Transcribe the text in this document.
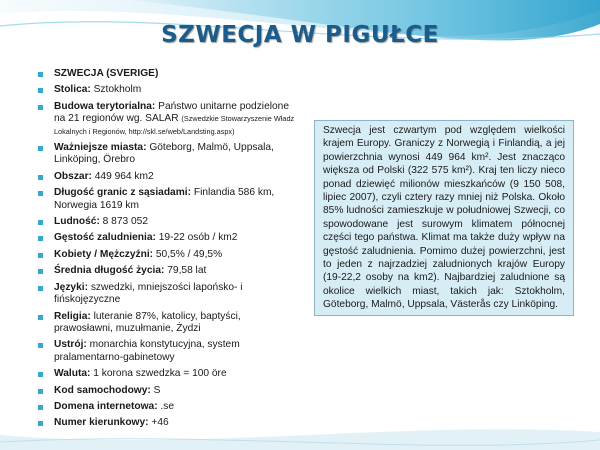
SZWECJA W PIGUŁCE
SZWECJA (SVERIGE)
Stolica: Sztokholm
Budowa terytorialna: Państwo unitarne podzielone na 21 regionów wg. SALAR (Szwedzkie Stowarzyszenie Władz Lokalnych i Regionów, http://skl.se/web/Landsting.aspx)
Ważniejsze miasta: Göteborg, Malmö, Uppsala, Linköping, Örebro
Obszar: 449 964 km2
Długość granic z sąsiadami: Finlandia 586 km, Norwegia 1619 km
Ludność: 8 873 052
Gęstość zaludnienia: 19-22 osób / km2
Kobiety / Mężczyźni: 50,5% / 49,5%
Średnia długość życia: 79,58 lat
Języki: szwedzki, mniejszości lapońsko- i fińskojęzyczne
Religia: luteranie 87%, katolicy, baptyści, prawosławni, muzułmanie, Żydzi
Ustrój: monarchia konstytucyjna, system pralamentarno-gabinetowy
Waluta: 1 korona szwedzka = 100 öre
Kod samochodowy: S
Domena internetowa: .se
Numer kierunkowy: +46
Szwecja jest czwartym pod względem wielkości krajem Europy. Graniczy z Norwegią i Finlandią, a jej powierzchnia wynosi 449 964 km². Jest znacząco większa od Polski (322 575 km²). Kraj ten liczy nieco ponad dziewięć milionów mieszkańców (9 150 508, lipiec 2007), czyli cztery razy mniej niż Polska. Około 85% ludności zamieszkuje w południowej Szwecji, co spowodowane jest surowym klimatem północnej części tego państwa. Klimat ma także duży wpływ na gęstość zaludnienia. Pomimo dużej powierzchni, jest to jeden z najrzadziej zaludnionych krajów Europy (19-22,2 osoby na km2). Najbardziej zaludnione są okolice wielkich miast, takich jak: Sztokholm, Göteborg, Malmö, Uppsala, Västerås czy Linköping.
